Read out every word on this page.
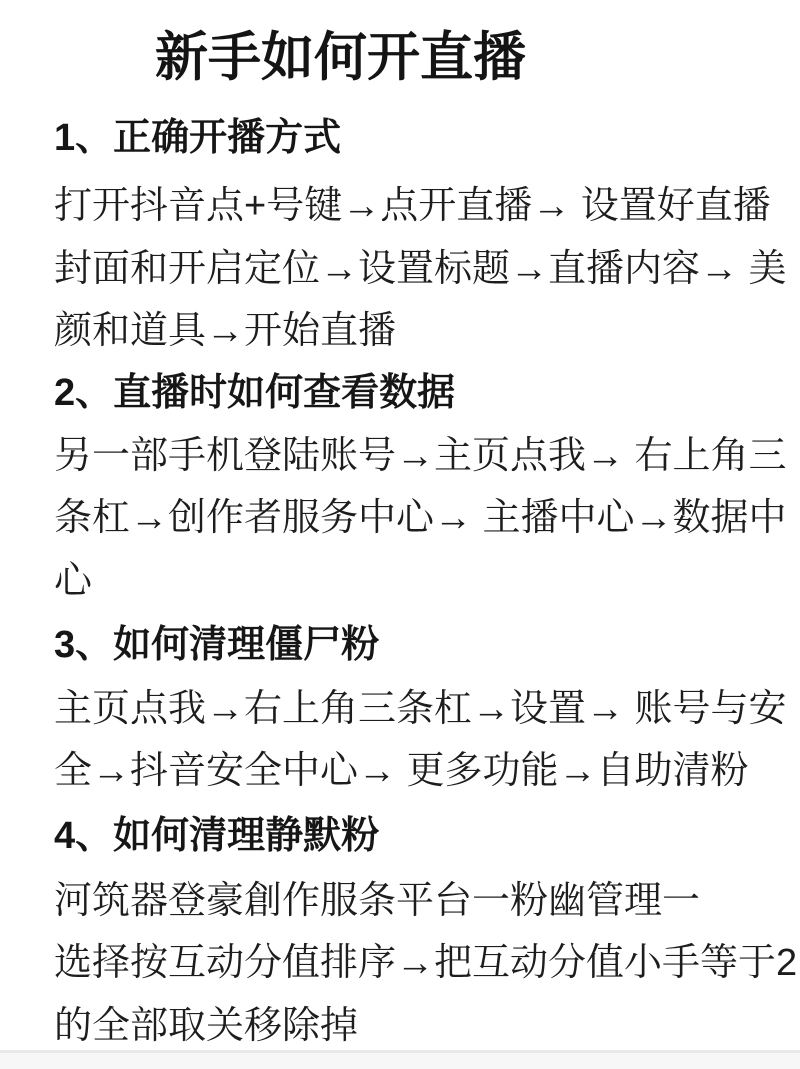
新手如何开直播
1、正确开播方式
打开抖音点+号键→点开直播→ 设置好直播
封面和开启定位→设置标题→直播内容→ 美
颜和道具→开始直播
2、直播时如何查看数据
另一部手机登陆账号→主页点我→ 右上角三
条杠→创作者服务中心→ 主播中心→数据中
心
3、如何清理僵尸粉
主页点我→右上角三条杠→设置→ 账号与安
全→抖音安全中心→ 更多功能→自助清粉
4、如何清理静默粉
河筑器登豪創作服条平台一粉幽管理一
选择按互动分值排序→把互动分值小手等于2
的全部取关移除掉
